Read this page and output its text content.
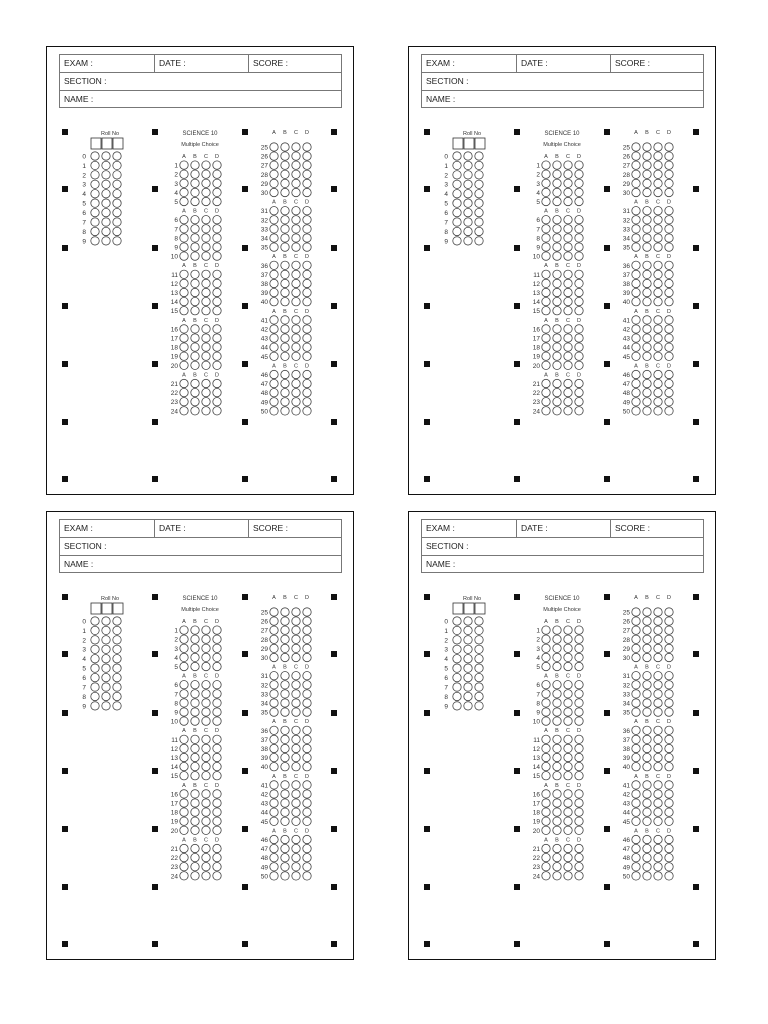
EXAM :	DATE :	SCORE :
SECTION :
NAME :
Roll No
0
1
2
3
4
5
6
7
8
9
SCIENCE 10
Multiple Choice
A B C D
1
2
3
4
5
A B C D
6
7
8
9
10
A B C D
11
12
13
14
15
A B C D
16
17
18
19
20
A B C D
21
22
23
24
A B C D
25
26
27
28
29
30
A B C D
31
32
33
34
35
A B C D
36
37
38
39
40
A B C D
41
42
43
44
45
A B C D
46
47
48
49
50
EXAM :	DATE :	SCORE :
SECTION :
NAME :
Roll No
0
1
2
3
4
5
6
7
8
9
SCIENCE 10
Multiple Choice
A B C D
1
2
3
4
5
A B C D
6
7
8
9
10
A B C D
11
12
13
14
15
A B C D
16
17
18
19
20
A B C D
21
22
23
24
A B C D
25
26
27
28
29
30
A B C D
31
32
33
34
35
A B C D
36
37
38
39
40
A B C D
41
42
43
44
45
A B C D
46
47
48
49
50
EXAM :	DATE :	SCORE :
SECTION :
NAME :
Roll No
0
1
2
3
4
5
6
7
8
9
SCIENCE 10
Multiple Choice
A B C D
1
2
3
4
5
A B C D
6
7
8
9
10
A B C D
11
12
13
14
15
A B C D
16
17
18
19
20
A B C D
21
22
23
24
A B C D
25
26
27
28
29
30
A B C D
31
32
33
34
35
A B C D
36
37
38
39
40
A B C D
41
42
43
44
45
A B C D
46
47
48
49
50
EXAM :	DATE :	SCORE :
SECTION :
NAME :
Roll No
0
1
2
3
4
5
6
7
8
9
SCIENCE 10
Multiple Choice
A B C D
1
2
3
4
5
A B C D
6
7
8
9
10
A B C D
11
12
13
14
15
A B C D
16
17
18
19
20
A B C D
21
22
23
24
A B C D
25
26
27
28
29
30
A B C D
31
32
33
34
35
A B C D
36
37
38
39
40
A B C D
41
42
43
44
45
A B C D
46
47
48
49
50
